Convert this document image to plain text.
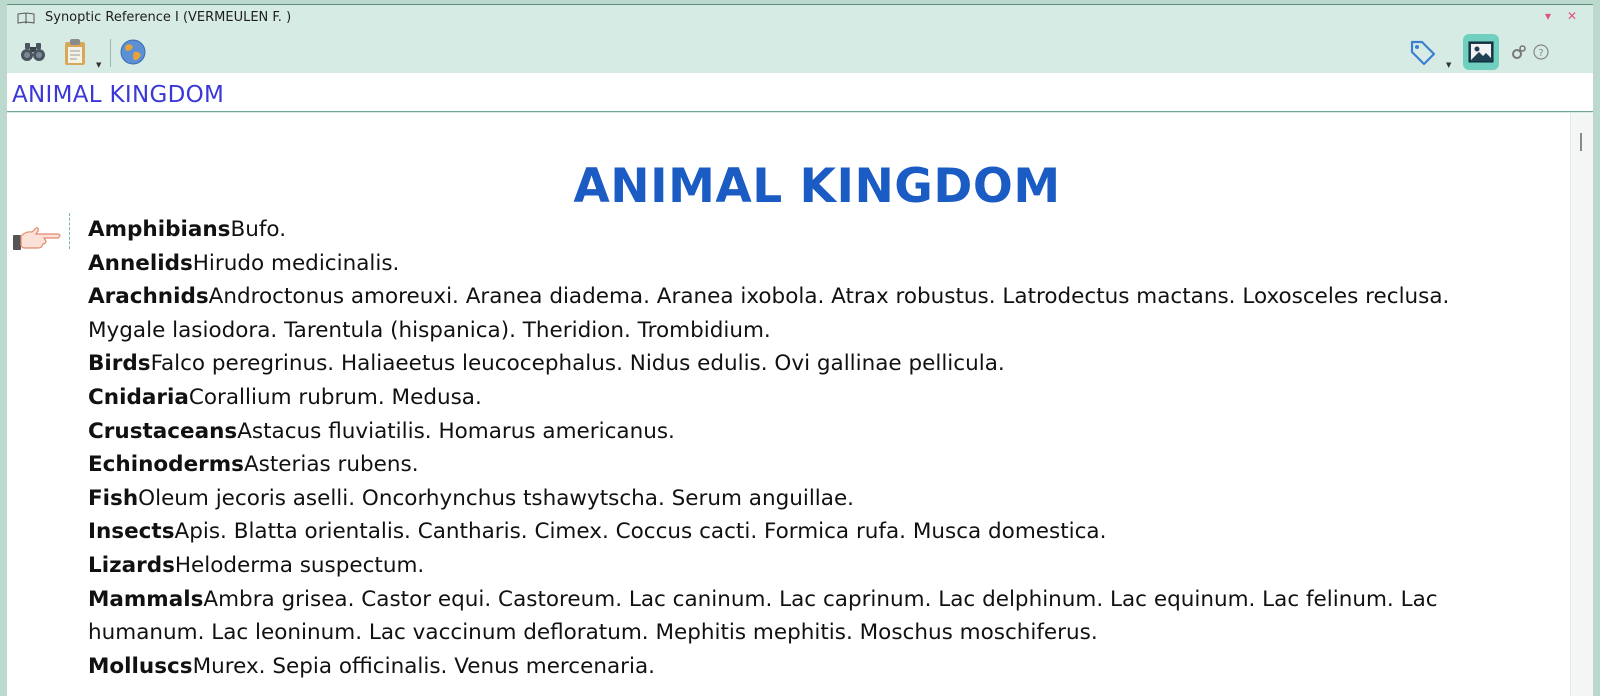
Synoptic Reference I (VERMEULEN F. )	▾ ✕
▼	▼
?
ANIMAL KINGDOM
ANIMAL KINGDOM

AmphibiansBufo.

AnnelidsHirudo medicinalis.

ArachnidsAndroctonus amoreuxi. Aranea diadema. Aranea ixobola. Atrax robustus. Latrodectus mactans. Loxosceles reclusa. Mygale lasiodora. Tarentula (hispanica). Theridion. Trombidium.

BirdsFalco peregrinus. Haliaeetus leucocephalus. Nidus edulis. Ovi gallinae pellicula.

CnidariaCorallium rubrum. Medusa.

CrustaceansAstacus fluviatilis. Homarus americanus.

EchinodermsAsterias rubens.

FishOleum jecoris aselli. Oncorhynchus tshawytscha. Serum anguillae.

InsectsApis. Blatta orientalis. Cantharis. Cimex. Coccus cacti. Formica rufa. Musca domestica.

LizardsHeloderma suspectum.

MammalsAmbra grisea. Castor equi. Castoreum. Lac caninum. Lac caprinum. Lac delphinum. Lac equinum. Lac felinum. Lac humanum. Lac leoninum. Lac vaccinum defloratum. Mephitis mephitis. Moschus moschiferus.

MolluscsMurex. Sepia officinalis. Venus mercenaria.
